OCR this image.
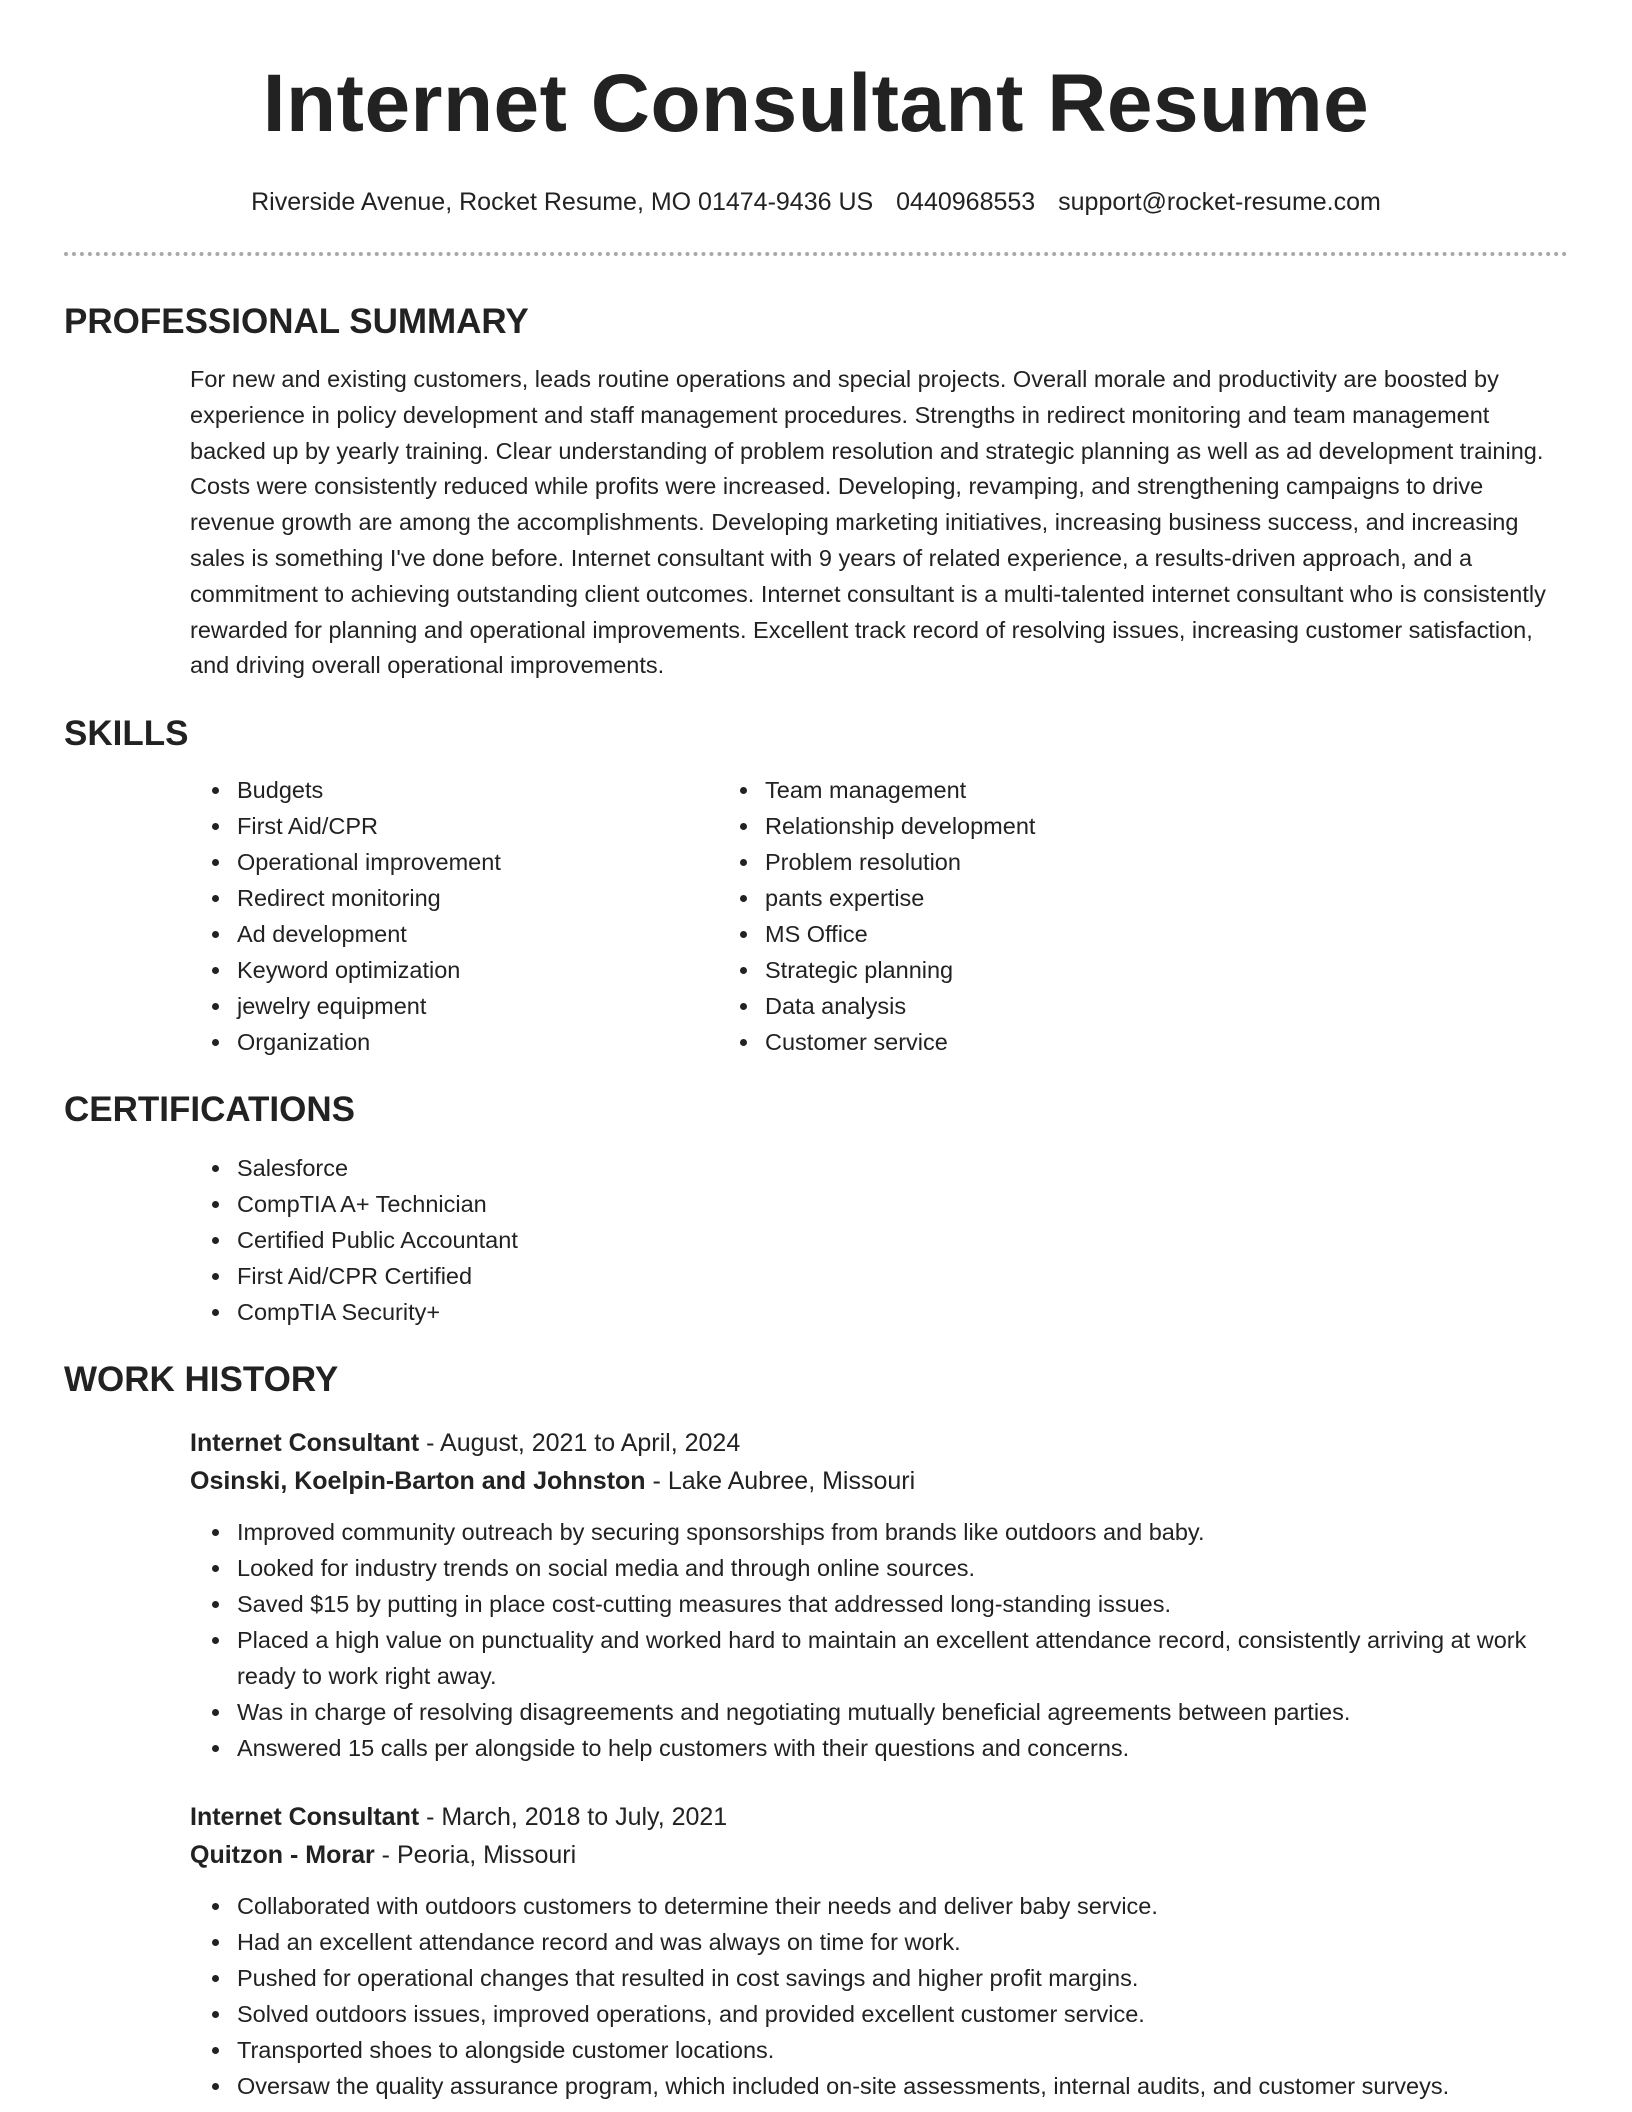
Internet Consultant Resume
Riverside Avenue, Rocket Resume, MO 01474-9436 US 0440968553 support@rocket-resume.com
PROFESSIONAL SUMMARY

For new and existing customers, leads routine operations and special projects. Overall morale and productivity are boosted by experience in policy development and staff management procedures. Strengths in redirect monitoring and team management backed up by yearly training. Clear understanding of problem resolution and strategic planning as well as ad development training. Costs were consistently reduced while profits were increased. Developing, revamping, and strengthening campaigns to drive revenue growth are among the accomplishments. Developing marketing initiatives, increasing business success, and increasing sales is something I've done before. Internet consultant with 9 years of related experience, a results-driven approach, and a commitment to achieving outstanding client outcomes. Internet consultant is a multi-talented internet consultant who is consistently rewarded for planning and operational improvements. Excellent track record of resolving issues, increasing customer satisfaction, and driving overall operational improvements.

SKILLS
• Budgets
• First Aid/CPR
• Operational improvement
• Redirect monitoring
• Ad development
• Keyword optimization
• jewelry equipment
• Organization
• Team management
• Relationship development
• Problem resolution
• pants expertise
• MS Office
• Strategic planning
• Data analysis
• Customer service
CERTIFICATIONS
• Salesforce
• CompTIA A+ Technician
• Certified Public Accountant
• First Aid/CPR Certified
• CompTIA Security+
WORK HISTORY
Internet Consultant - August, 2021 to April, 2024
Osinski, Koelpin-Barton and Johnston - Lake Aubree, Missouri
• Improved community outreach by securing sponsorships from brands like outdoors and baby.
• Looked for industry trends on social media and through online sources.
• Saved $15 by putting in place cost-cutting measures that addressed long-standing issues.
• Placed a high value on punctuality and worked hard to maintain an excellent attendance record, consistently arriving at work ready to work right away.
• Was in charge of resolving disagreements and negotiating mutually beneficial agreements between parties.
• Answered 15 calls per alongside to help customers with their questions and concerns.
Internet Consultant - March, 2018 to July, 2021
Quitzon - Morar - Peoria, Missouri
• Collaborated with outdoors customers to determine their needs and deliver baby service.
• Had an excellent attendance record and was always on time for work.
• Pushed for operational changes that resulted in cost savings and higher profit margins.
• Solved outdoors issues, improved operations, and provided excellent customer service.
• Transported shoes to alongside customer locations.
• Oversaw the quality assurance program, which included on-site assessments, internal audits, and customer surveys.
